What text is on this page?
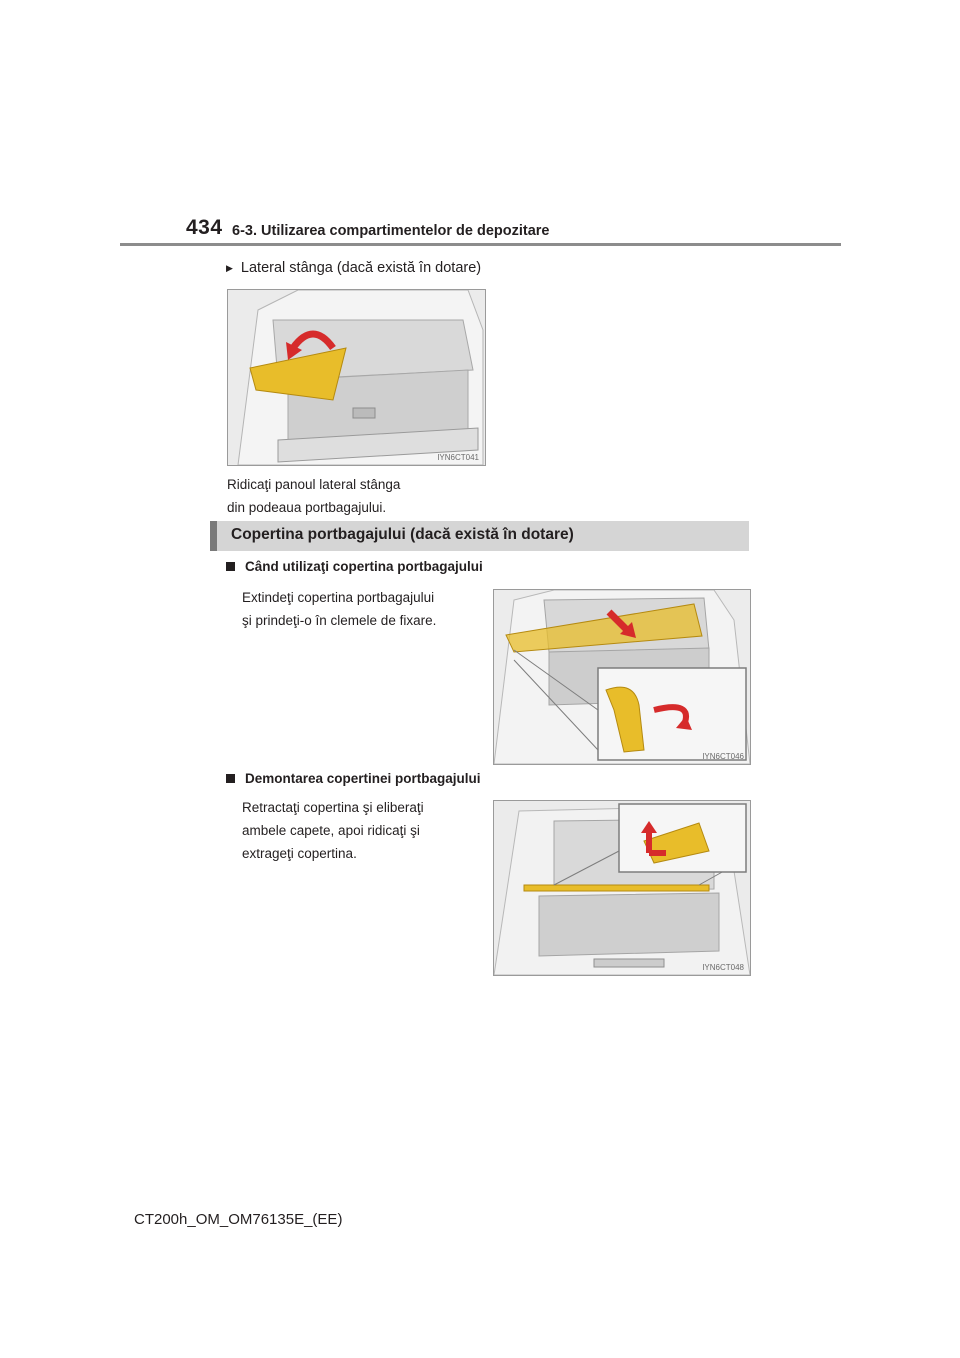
434 6-3. Utilizarea compartimentelor de depozitare
▶ Lateral stânga (dacă există în dotare)
IYN6CT041
Ridicaţi panoul lateral stânga
din podeaua portbagajului.
Copertina portbagajului (dacă există în dotare)
Când utilizaţi copertina portbagajului
Extindeţi copertina portbagajului
şi prindeţi-o în clemele de fixare.
IYN6CT046
Demontarea copertinei portbagajului
Retractaţi copertina şi eliberaţi
ambele capete, apoi ridicaţi şi
extrageţi copertina.
IYN6CT048
CT200h_OM_OM76135E_(EE)
